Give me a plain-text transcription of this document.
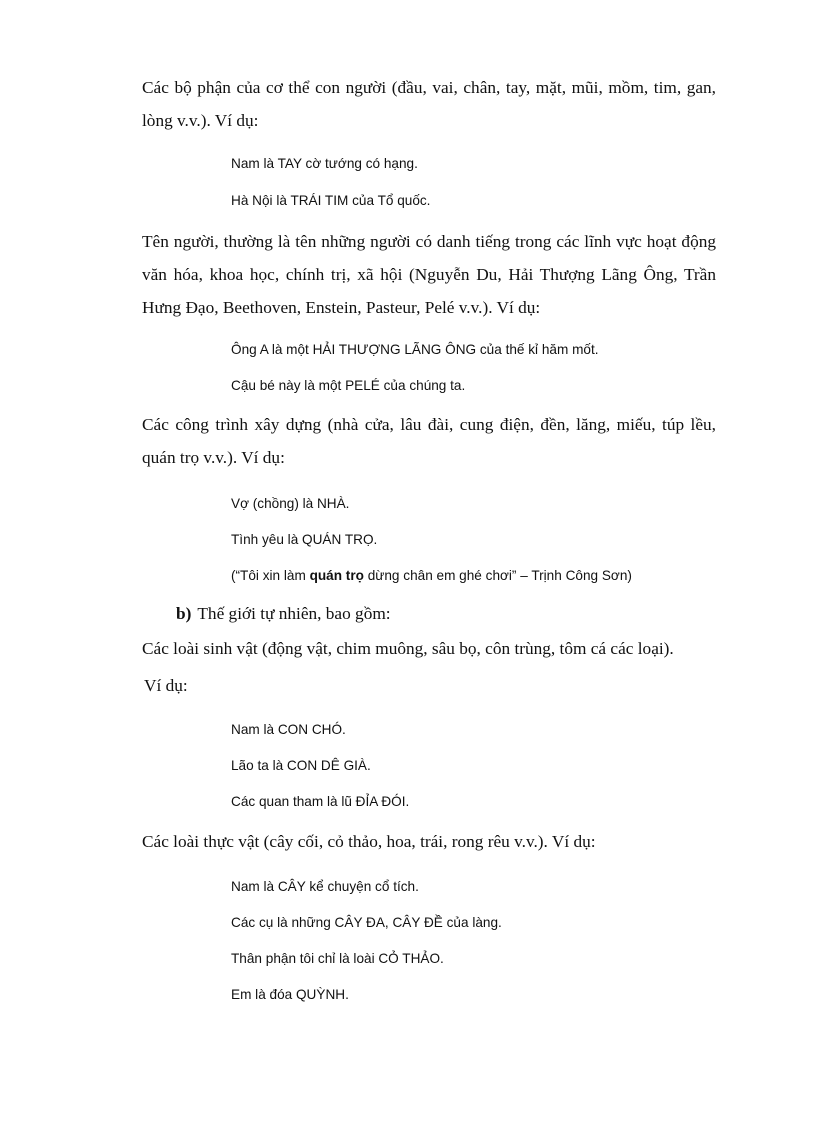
Các bộ phận của cơ thể con người (đầu, vai, chân, tay, mặt, mũi, mồm, tim, gan, lòng v.v.). Ví dụ:

Nam là TAY cờ tướng có hạng.

Hà Nội là TRÁI TIM của Tổ quốc.

Tên người, thường là tên những người có danh tiếng trong các lĩnh vực hoạt động văn hóa, khoa học, chính trị, xã hội (Nguyễn Du, Hải Thượng Lãng Ông, Trần Hưng Đạo, Beethoven, Enstein, Pasteur, Pelé v.v.). Ví dụ:

Ông A là một HẢI THƯỢNG LÃNG ÔNG của thế kỉ hăm mốt.

Cậu bé này là một PELÉ của chúng ta.

Các công trình xây dựng (nhà cửa, lâu đài, cung điện, đền, lăng, miếu, túp lều, quán trọ v.v.). Ví dụ:

Vợ (chồng) là NHÀ.

Tình yêu là QUÁN TRỌ.

(“Tôi xin làm quán trọ dừng chân em ghé chơi” – Trịnh Công Sơn)

b) Thế giới tự nhiên, bao gồm:

Các loài sinh vật (động vật, chim muông, sâu bọ, côn trùng, tôm cá các loại).

Ví dụ:

Nam là CON CHÓ.

Lão ta là CON DÊ GIÀ.

Các quan tham là lũ ĐỈA ĐÓI.

Các loài thực vật (cây cối, cỏ thảo, hoa, trái, rong rêu v.v.). Ví dụ:

Nam là CÂY kể chuyện cổ tích.

Các cụ là những CÂY ĐA, CÂY ĐỀ của làng.

Thân phận tôi chỉ là loài CỎ THẢO.

Em là đóa QUỲNH.
